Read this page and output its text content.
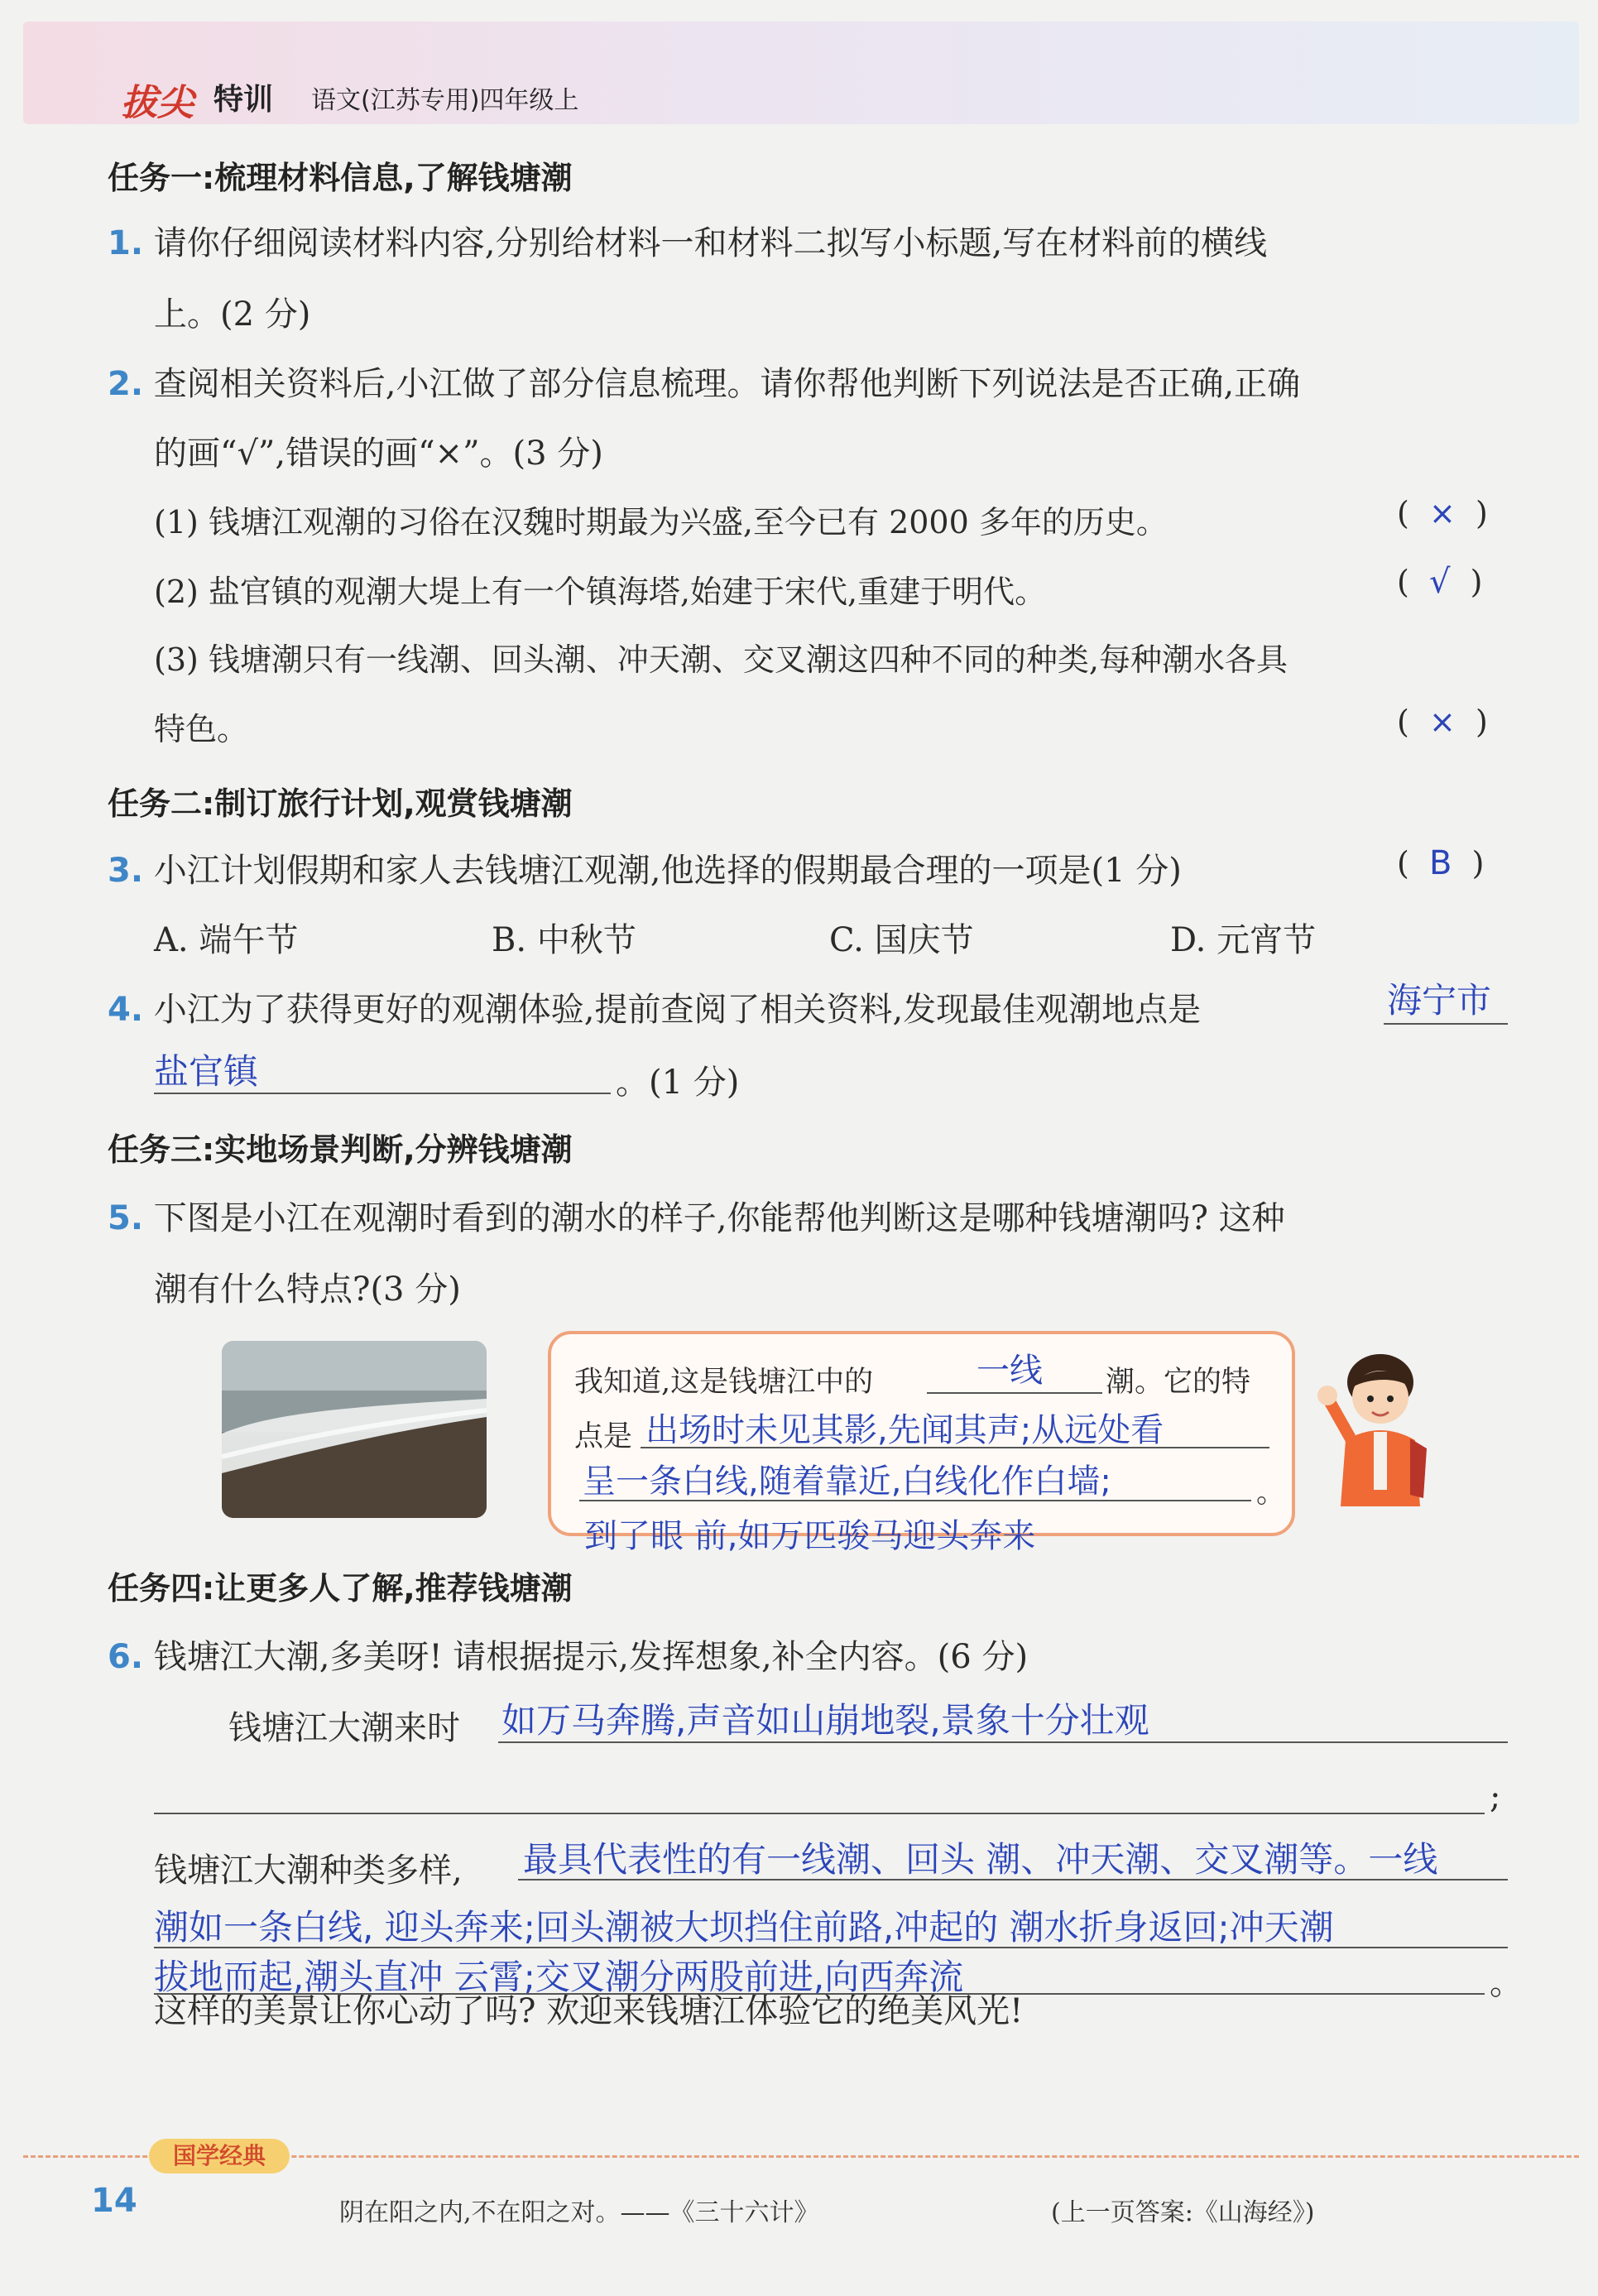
拔尖 特训 语文(江苏专用)四年级上
任务一:梳理材料信息,了解钱塘潮
1. 请你仔细阅读材料内容,分别给材料一和材料二拟写小标题,写在材料前的横线
上。(2 分)
2. 查阅相关资料后,小江做了部分信息梳理。请你帮他判断下列说法是否正确,正确
的画“√”,错误的画“×”。(3 分)
(1) 钱塘江观潮的习俗在汉魏时期最为兴盛,至今已有 2000 多年的历史。	(  ×  )
(2) 盐官镇的观潮大堤上有一个镇海塔,始建于宋代,重建于明代。	(  √  )
(3) 钱塘潮只有一线潮、回头潮、冲天潮、交叉潮这四种不同的种类,每种潮水各具
特色。	(  ×  )
任务二:制订旅行计划,观赏钱塘潮
3. 小江计划假期和家人去钱塘江观潮,他选择的假期最合理的一项是(1 分)	(  B  )
A. 端午节	B. 中秋节	C. 国庆节	D. 元宵节
4. 小江为了获得更好的观潮体验,提前查阅了相关资料,发现最佳观潮地点是	海宁市
盐官镇	。(1 分)
任务三:实地场景判断,分辨钱塘潮
5. 下图是小江在观潮时看到的潮水的样子,你能帮他判断这是哪种钱塘潮吗? 这种
潮有什么特点?(3 分)
我知道,这是钱塘江中的	一线 潮。它的特
点是 出场时未见其影,先闻其声;从远处看
呈一条白线,随着靠近,白线化作白墙;	。
到了眼 前,如万匹骏马迎头奔来
任务四:让更多人了解,推荐钱塘潮
6. 钱塘江大潮,多美呀! 请根据提示,发挥想象,补全内容。(6 分)
钱塘江大潮来时 如万马奔腾,声音如山崩地裂,景象十分壮观
;
钱塘江大潮种类多样, 最具代表性的有一线潮、回头 潮、冲天潮、交叉潮等。一线
潮如一条白线, 迎头奔来;回头潮被大坝挡住前路,冲起的 潮水折身返回;冲天潮
拔地而起,潮头直冲 云霄;交叉潮分两股前进,向西奔流	。
这样的美景让你心动了吗? 欢迎来钱塘江体验它的绝美风光!
国学经典
14	阴在阳之内,不在阳之对。——《三十六计》	(上一页答案:《山海经》)
